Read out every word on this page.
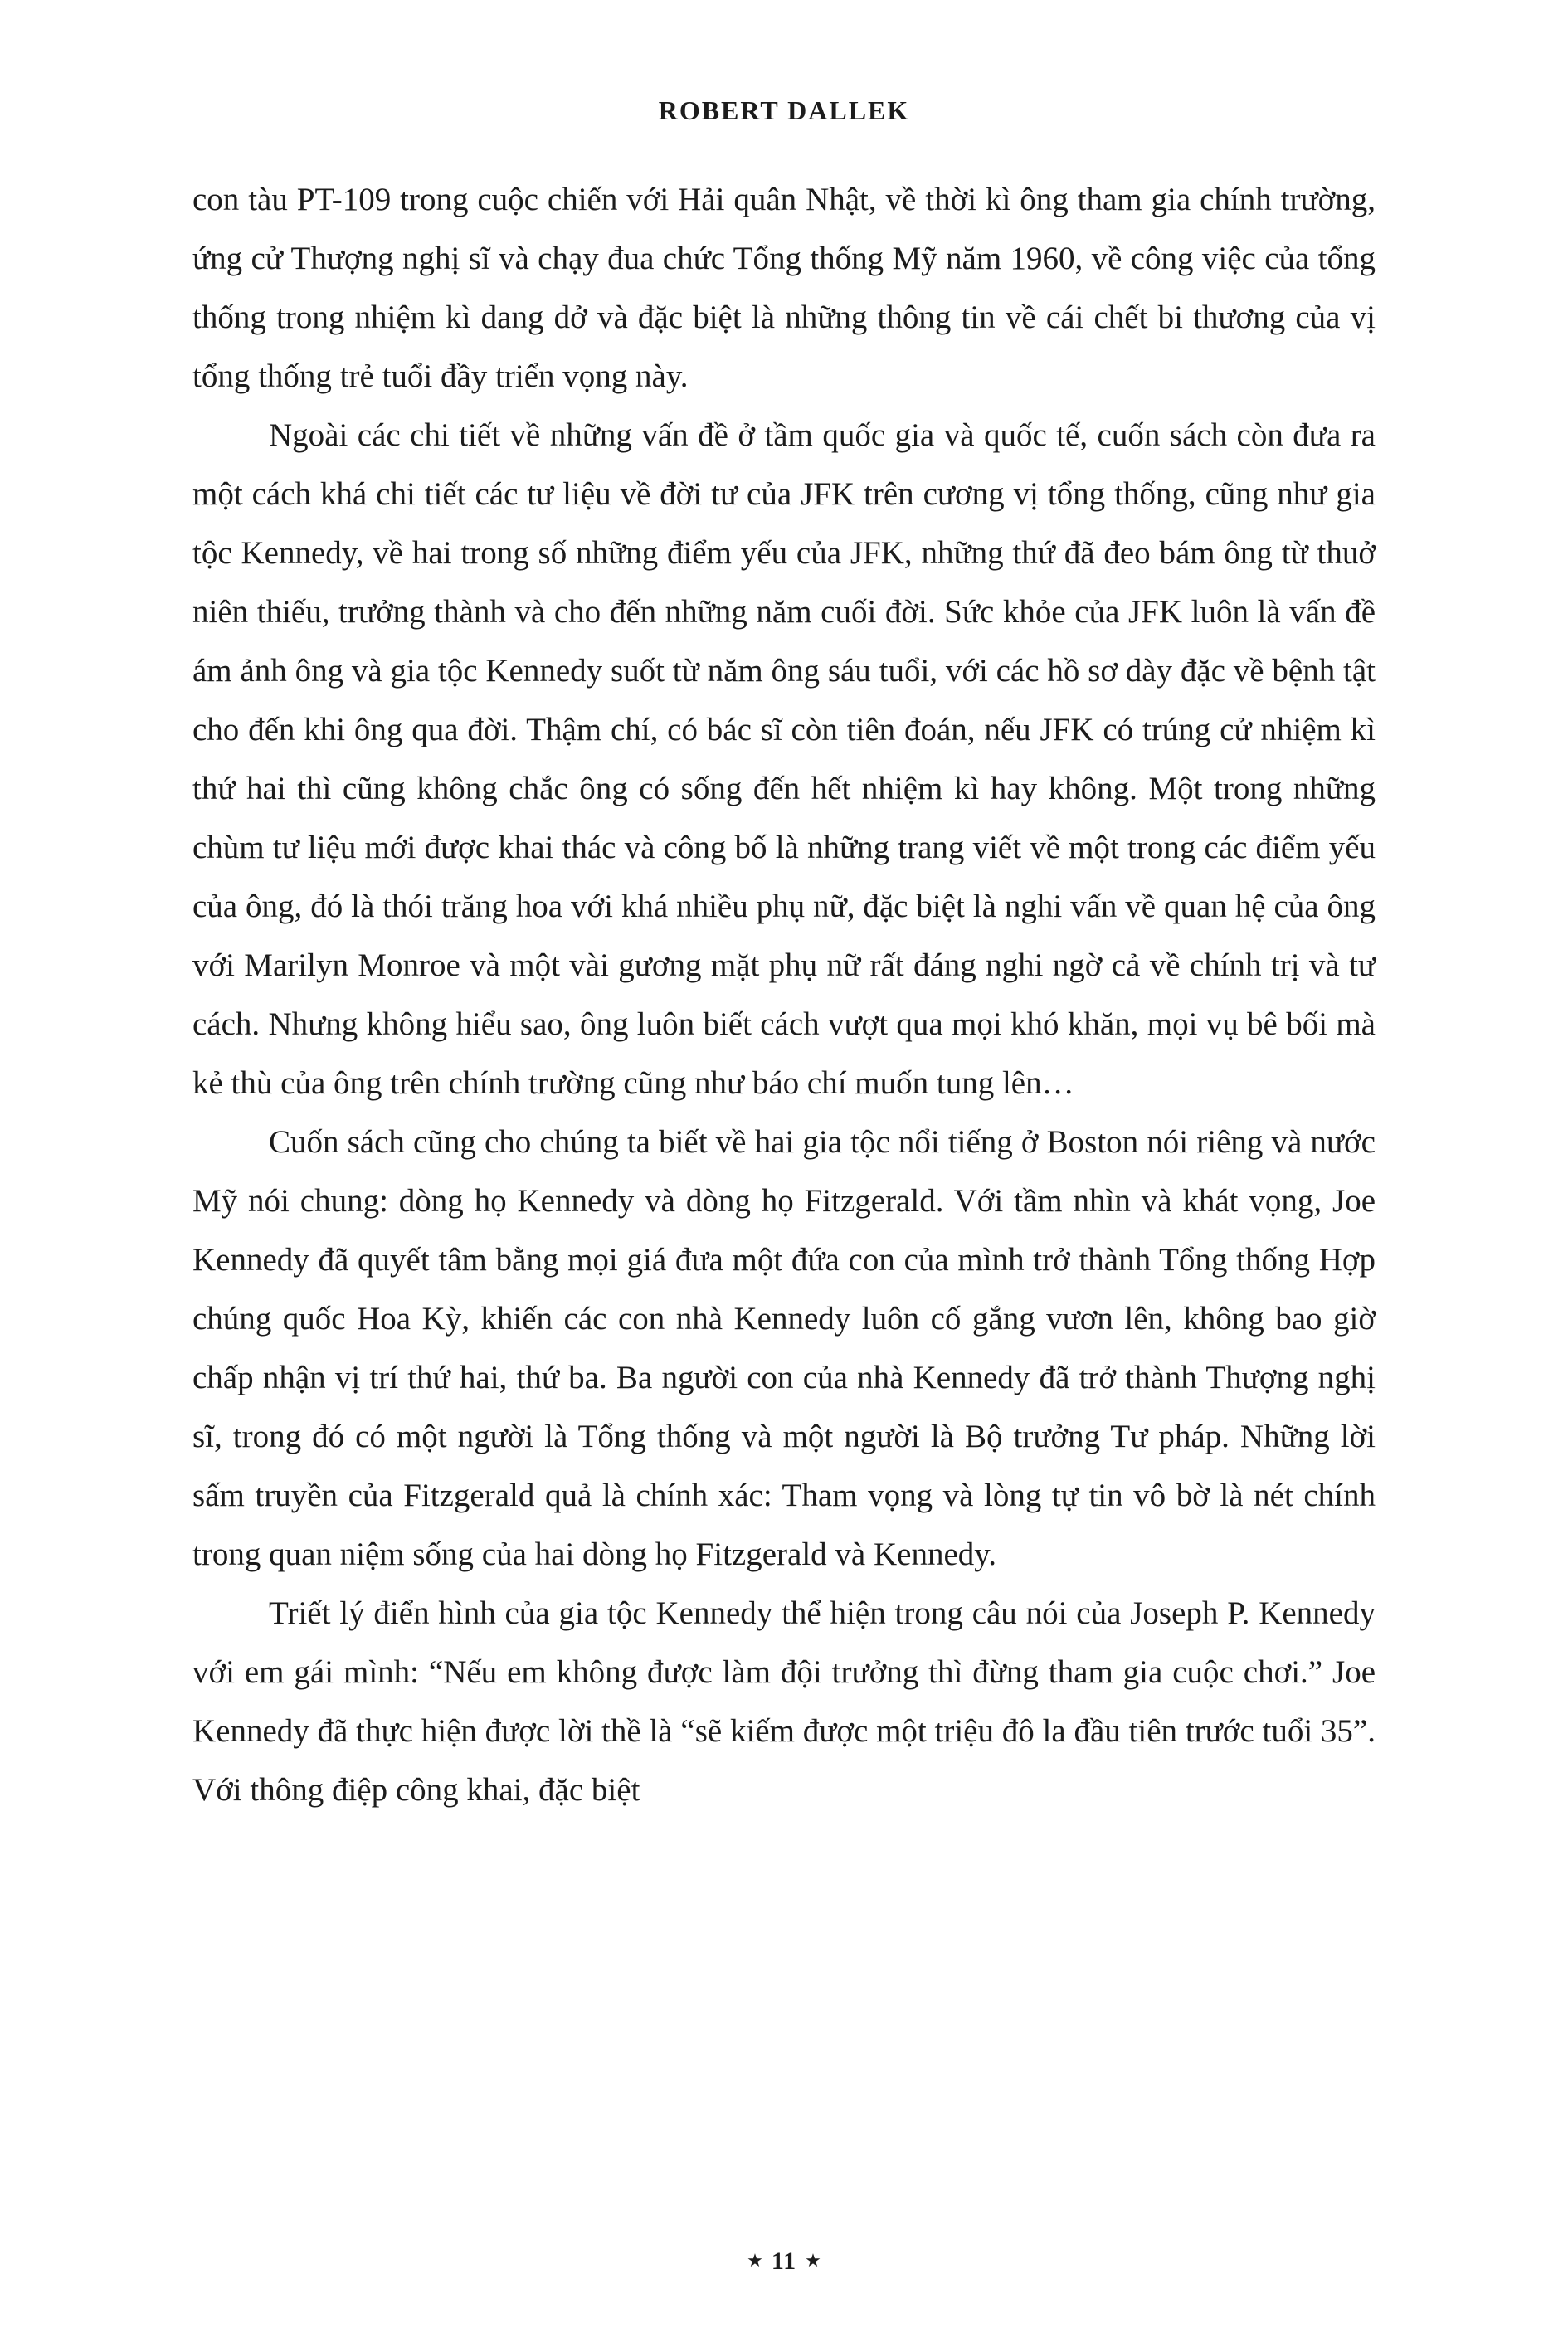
ROBERT DALLEK

con tàu PT-109 trong cuộc chiến với Hải quân Nhật, về thời kì ông tham gia chính trường, ứng cử Thượng nghị sĩ và chạy đua chức Tổng thống Mỹ năm 1960, về công việc của tổng thống trong nhiệm kì dang dở và đặc biệt là những thông tin về cái chết bi thương của vị tổng thống trẻ tuổi đầy triển vọng này.

Ngoài các chi tiết về những vấn đề ở tầm quốc gia và quốc tế, cuốn sách còn đưa ra một cách khá chi tiết các tư liệu về đời tư của JFK trên cương vị tổng thống, cũng như gia tộc Kennedy, về hai trong số những điểm yếu của JFK, những thứ đã đeo bám ông từ thuở niên thiếu, trưởng thành và cho đến những năm cuối đời. Sức khỏe của JFK luôn là vấn đề ám ảnh ông và gia tộc Kennedy suốt từ năm ông sáu tuổi, với các hồ sơ dày đặc về bệnh tật cho đến khi ông qua đời. Thậm chí, có bác sĩ còn tiên đoán, nếu JFK có trúng cử nhiệm kì thứ hai thì cũng không chắc ông có sống đến hết nhiệm kì hay không. Một trong những chùm tư liệu mới được khai thác và công bố là những trang viết về một trong các điểm yếu của ông, đó là thói trăng hoa với khá nhiều phụ nữ, đặc biệt là nghi vấn về quan hệ của ông với Marilyn Monroe và một vài gương mặt phụ nữ rất đáng nghi ngờ cả về chính trị và tư cách. Nhưng không hiểu sao, ông luôn biết cách vượt qua mọi khó khăn, mọi vụ bê bối mà kẻ thù của ông trên chính trường cũng như báo chí muốn tung lên…

Cuốn sách cũng cho chúng ta biết về hai gia tộc nổi tiếng ở Boston nói riêng và nước Mỹ nói chung: dòng họ Kennedy và dòng họ Fitzgerald. Với tầm nhìn và khát vọng, Joe Kennedy đã quyết tâm bằng mọi giá đưa một đứa con của mình trở thành Tổng thống Hợp chúng quốc Hoa Kỳ, khiến các con nhà Kennedy luôn cố gắng vươn lên, không bao giờ chấp nhận vị trí thứ hai, thứ ba. Ba người con của nhà Kennedy đã trở thành Thượng nghị sĩ, trong đó có một người là Tổng thống và một người là Bộ trưởng Tư pháp. Những lời sấm truyền của Fitzgerald quả là chính xác: Tham vọng và lòng tự tin vô bờ là nét chính trong quan niệm sống của hai dòng họ Fitzgerald và Kennedy.

Triết lý điển hình của gia tộc Kennedy thể hiện trong câu nói của Joseph P. Kennedy với em gái mình: “Nếu em không được làm đội trưởng thì đừng tham gia cuộc chơi.” Joe Kennedy đã thực hiện được lời thề là “sẽ kiếm được một triệu đô la đầu tiên trước tuổi 35”. Với thông điệp công khai, đặc biệt

★ 11 ★
